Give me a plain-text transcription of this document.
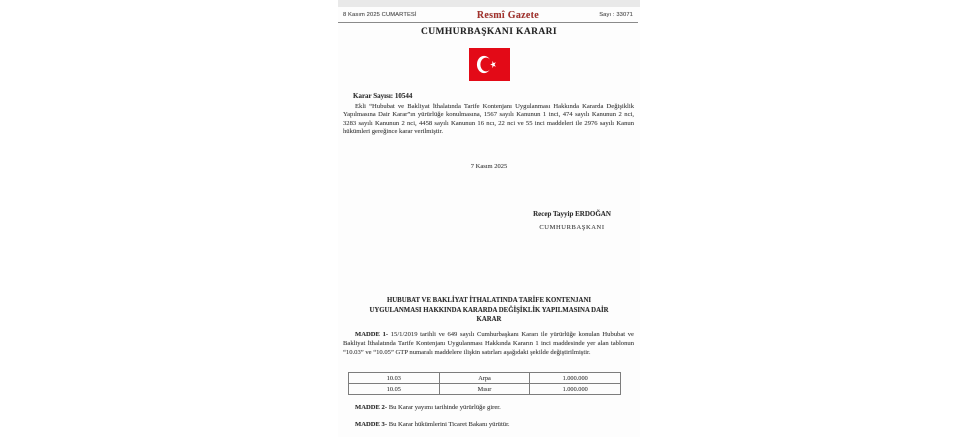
8 Kasım 2025 CUMARTESİ	Resmî Gazete	Sayı : 33071
CUMHURBAŞKANI KARARI
Karar Sayısı: 10544

Ekli “Hububat ve Bakliyat İthalatında Tarife Kontenjanı Uygulanması Hakkında Kararda Değişiklik Yapılmasına Dair Karar”ın yürürlüğe konulmasına, 1567 sayılı Kanunun 1 inci, 474 sayılı Kanunun 2 nci, 3283 sayılı Kanunun 2 nci, 4458 sayılı Kanunun 16 ncı, 22 nci ve 55 inci maddeleri ile 2976 sayılı Kanun hükümleri gereğince karar verilmiştir.

7 Kasım 2025
Recep Tayyip ERDOĞAN
CUMHURBAŞKANI
HUBUBAT VE BAKLİYAT İTHALATINDA TARİFE KONTENJANI
UYGULANMASI HAKKINDA KARARDA DEĞİŞİKLİK YAPILMASINA DAİR
KARAR

MADDE 1- 15/1/2019 tarihli ve 649 sayılı Cumhurbaşkanı Kararı ile yürürlüğe konulan Hububat ve Bakliyat İthalatında Tarife Kontenjanı Uygulanması Hakkında Kararın 1 inci maddesinde yer alan tablonun “10.03” ve “10.05” GTP numaralı maddelere ilişkin satırları aşağıdaki şekilde değiştirilmiştir.

10.03	Arpa	1.000.000
10.05	Mısır	1.000.000

MADDE 2- Bu Karar yayımı tarihinde yürürlüğe girer.

MADDE 3- Bu Karar hükümlerini Ticaret Bakanı yürütür.
